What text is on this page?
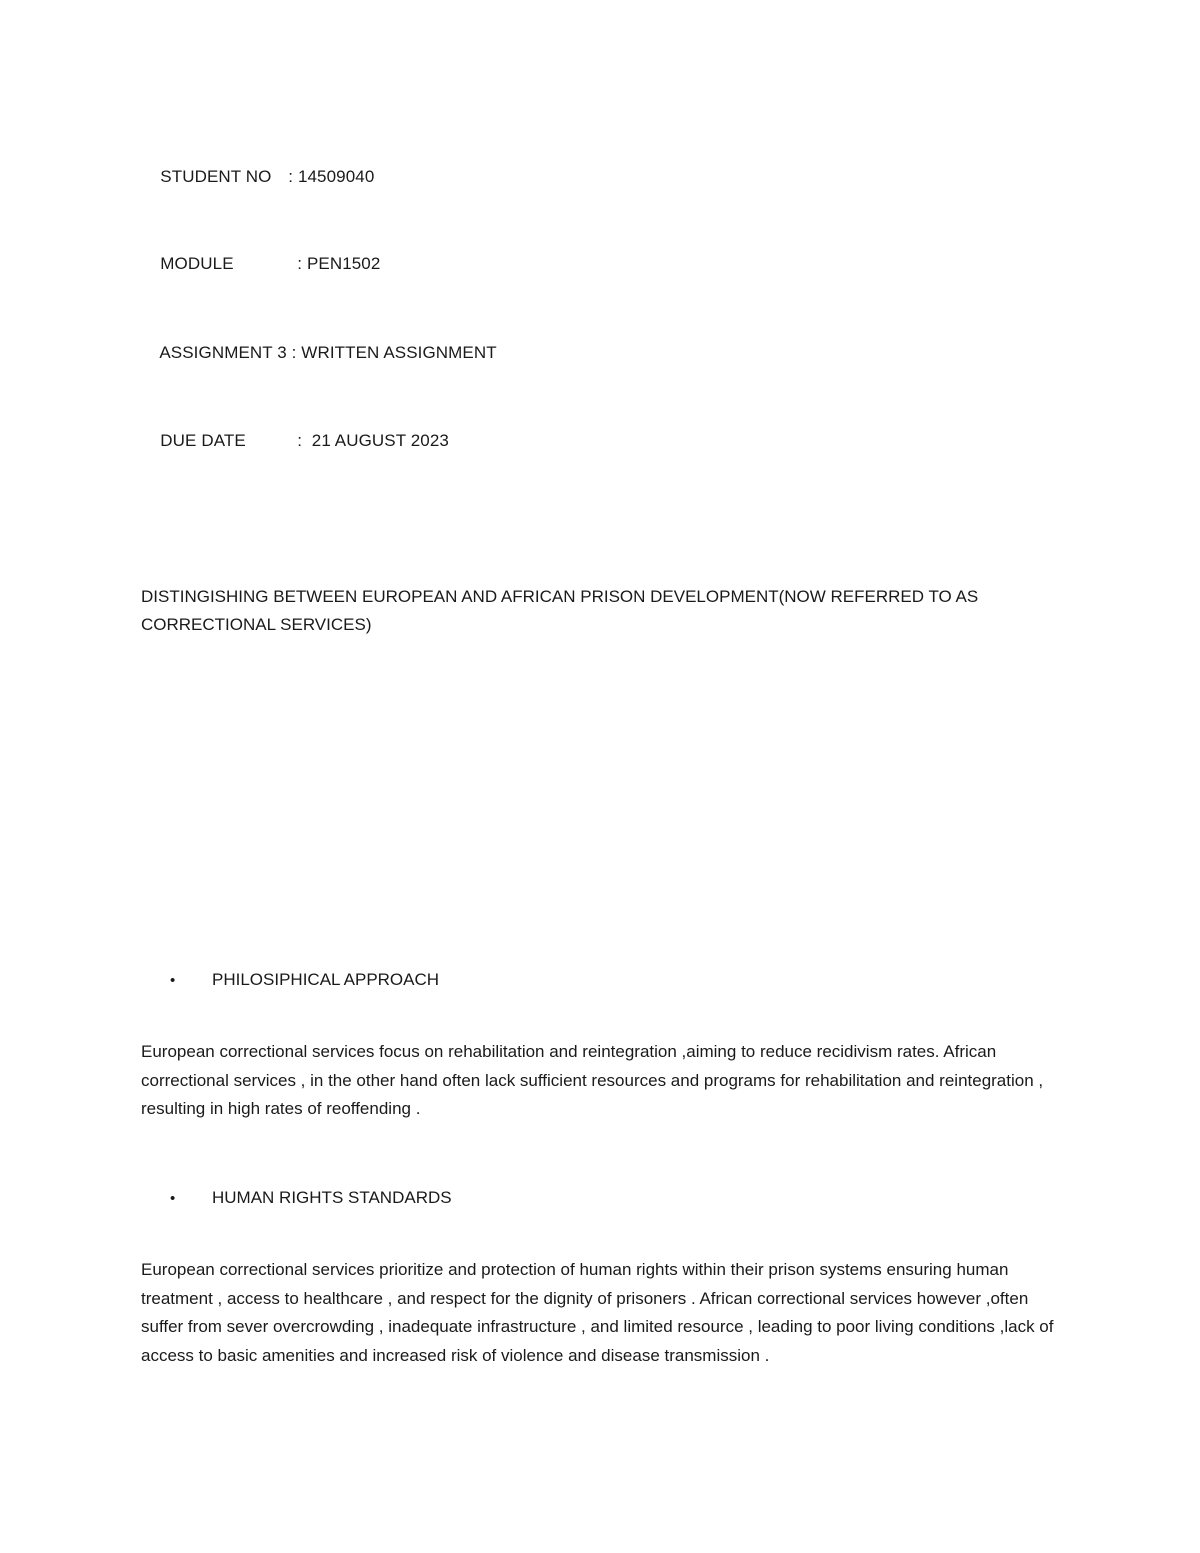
STUDENT NO : 14509040

MODULE	: PEN1502

ASSIGNMENT 3 : WRITTEN ASSIGNMENT

DUE DATE	:  21 AUGUST 2023

DISTINGISHING BETWEEN EUROPEAN AND AFRICAN PRISON DEVELOPMENT(NOW REFERRED TO AS CORRECTIONAL SERVICES)
• PHILOSIPHICAL APPROACH
European correctional services focus on rehabilitation and reintegration ,aiming to reduce recidivism rates. African correctional services , in the other hand often lack sufficient resources and programs for rehabilitation and reintegration , resulting in high rates of reoffending .
• HUMAN RIGHTS STANDARDS
European correctional services prioritize and protection of human rights within their prison systems ensuring human treatment , access to healthcare , and respect for the dignity of prisoners . African correctional services however ,often suffer from sever overcrowding , inadequate infrastructure , and limited resource , leading to poor living conditions ,lack of access to basic amenities and increased risk of violence and disease transmission .
